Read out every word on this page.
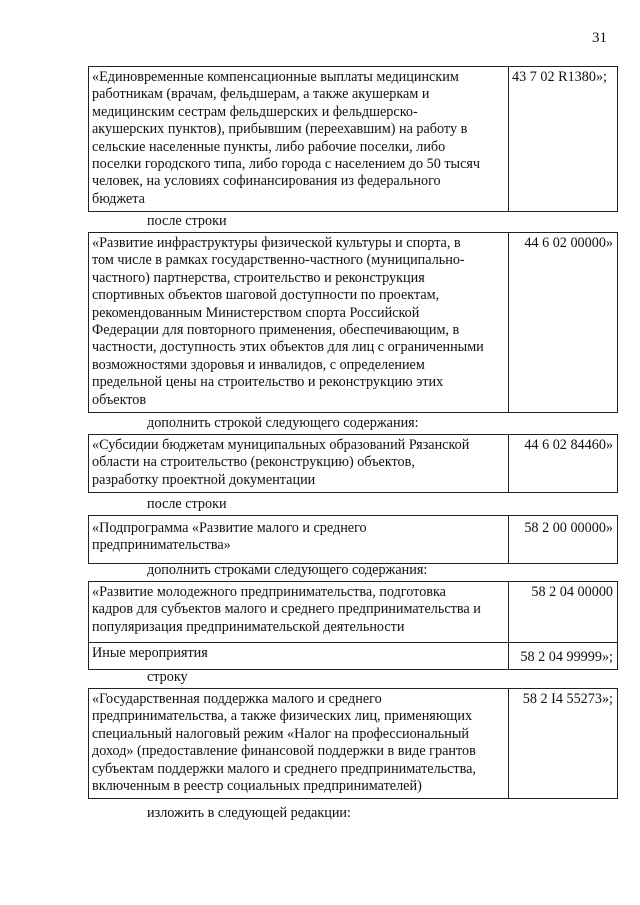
31
«Единовременные компенсационные выплаты медицинским
работникам (врачам, фельдшерам, а также акушеркам и
медицинским сестрам фельдшерских и фельдшерско-
акушерских пунктов), прибывшим (переехавшим) на работу в
сельские населенные пункты, либо рабочие поселки, либо
поселки городского типа, либо города с населением до 50 тысяч
человек, на условиях софинансирования из федерального
бюджета
43 7 02 R1380»;
после строки
«Развитие инфраструктуры физической культуры и спорта, в
том числе в рамках государственно-частного (муниципально-
частного) партнерства, строительство и реконструкция
спортивных объектов шаговой доступности по проектам,
рекомендованным Министерством спорта Российской
Федерации для повторного применения, обеспечивающим, в
частности, доступность этих объектов для лиц с ограниченными
возможностями здоровья и инвалидов, с определением
предельной цены на строительство и реконструкцию этих
объектов
44 6 02 00000»
дополнить строкой следующего содержания:
«Субсидии бюджетам муниципальных образований Рязанской
области на строительство (реконструкцию) объектов,
разработку проектной документации
44 6 02 84460»
после строки
«Подпрограмма «Развитие малого и среднего
предпринимательства»
58 2 00 00000»
дополнить строками следующего содержания:
«Развитие молодежного предпринимательства, подготовка
кадров для субъектов малого и среднего предпринимательства и
популяризация предпринимательской деятельности
58 2 04 00000
Иные мероприятия	58 2 04 99999»;
строку
«Государственная поддержка малого и среднего
предпринимательства, а также физических лиц, применяющих
специальный налоговый режим «Налог на профессиональный
доход» (предоставление финансовой поддержки в виде грантов
субъектам поддержки малого и среднего предпринимательства,
включенным в реестр социальных предпринимателей)
58 2 I4 55273»;
изложить в следующей редакции:
